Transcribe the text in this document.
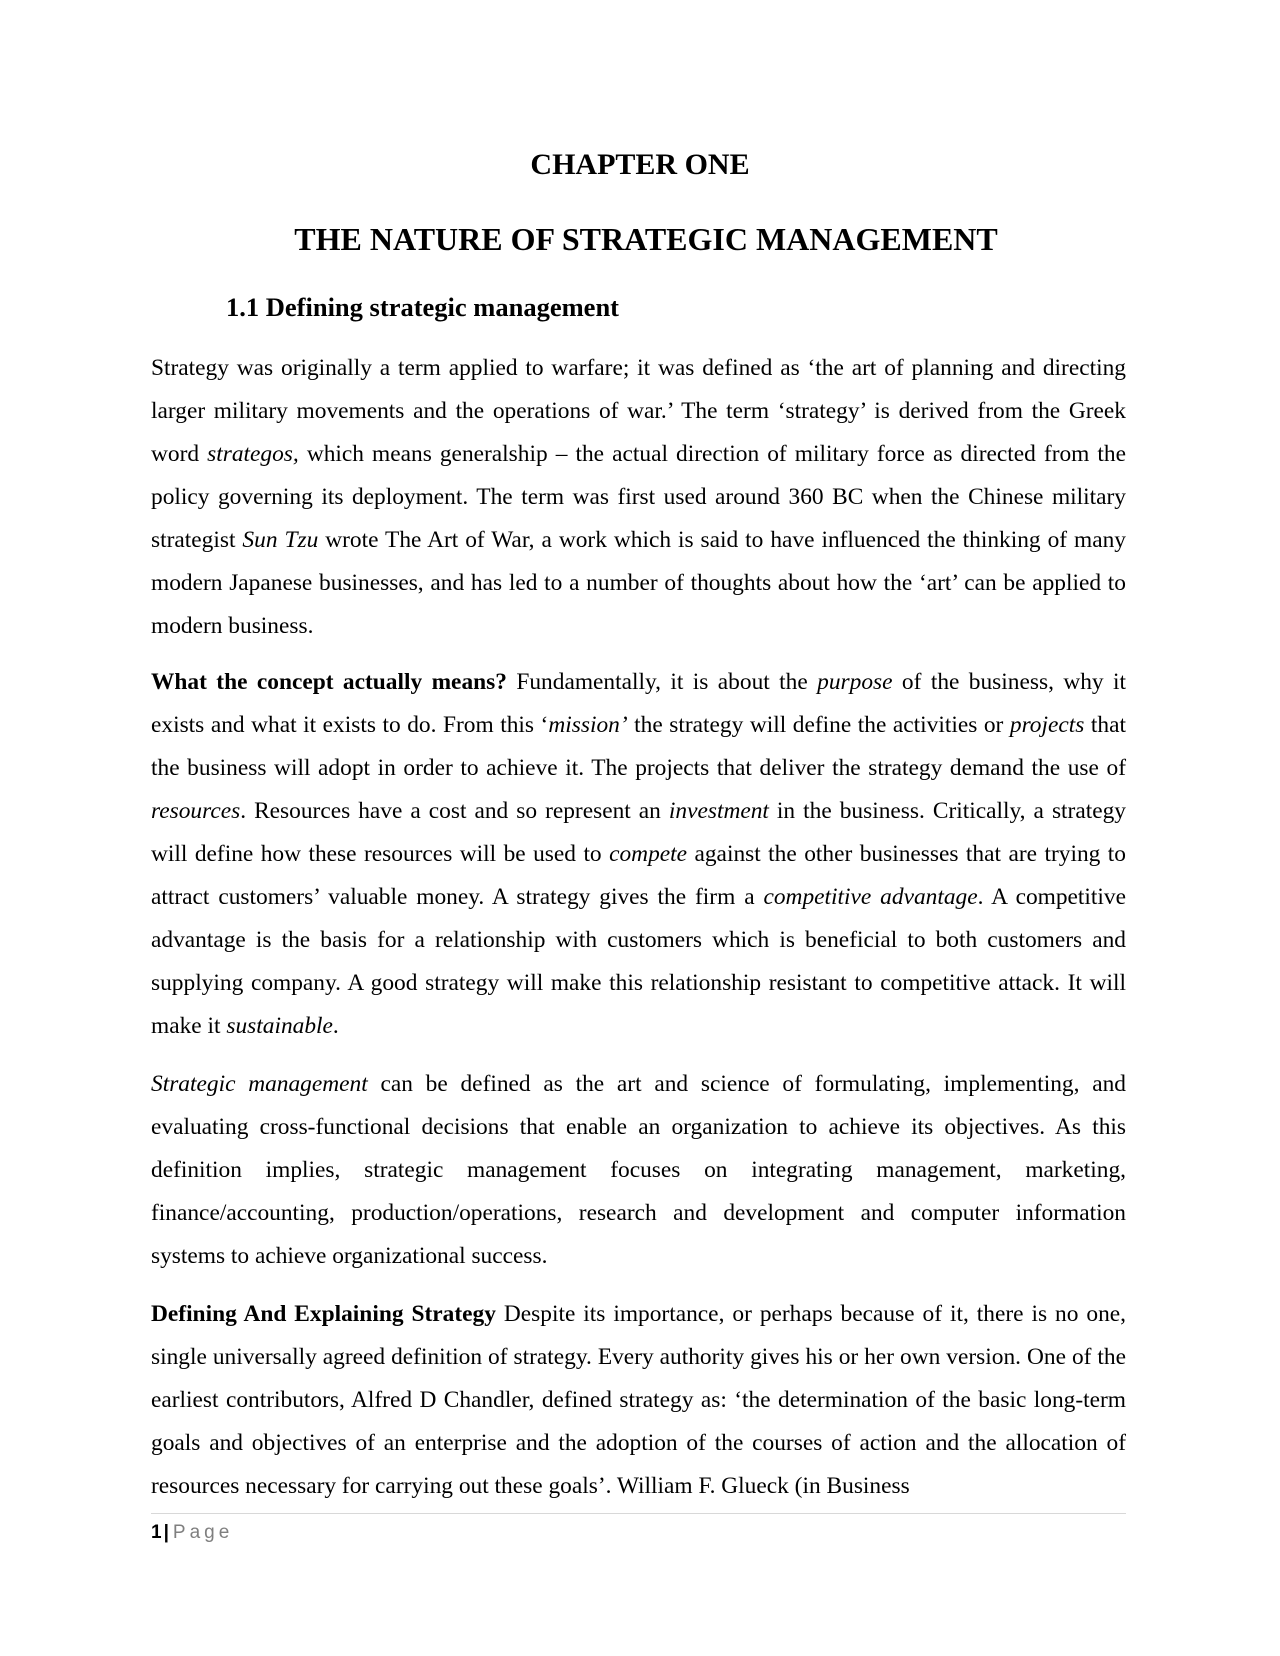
CHAPTER ONE
THE NATURE OF STRATEGIC MANAGEMENT
1.1 Defining strategic management

Strategy was originally a term applied to warfare; it was defined as ‘the art of planning and directing larger military movements and the operations of war.’ The term ‘strategy’ is derived from the Greek word strategos, which means generalship – the actual direction of military force as directed from the policy governing its deployment. The term was first used around 360 BC when the Chinese military strategist Sun Tzu wrote The Art of War, a work which is said to have influenced the thinking of many modern Japanese businesses, and has led to a number of thoughts about how the ‘art’ can be applied to modern business.

What the concept actually means? Fundamentally, it is about the purpose of the business, why it exists and what it exists to do. From this ‘mission’ the strategy will define the activities or projects that the business will adopt in order to achieve it. The projects that deliver the strategy demand the use of resources. Resources have a cost and so represent an investment in the business. Critically, a strategy will define how these resources will be used to compete against the other businesses that are trying to attract customers’ valuable money. A strategy gives the firm a competitive advantage. A competitive advantage is the basis for a relationship with customers which is beneficial to both customers and supplying company. A good strategy will make this relationship resistant to competitive attack. It will make it sustainable.

Strategic management can be defined as the art and science of formulating, implementing, and evaluating cross-functional decisions that enable an organization to achieve its objectives. As this definition implies, strategic management focuses on integrating management, marketing, finance/accounting, production/operations, research and development and computer information systems to achieve organizational success.

Defining And Explaining Strategy Despite its importance, or perhaps because of it, there is no one, single universally agreed definition of strategy. Every authority gives his or her own version. One of the earliest contributors, Alfred D Chandler, defined strategy as: ‘the determination of the basic long-term goals and objectives of an enterprise and the adoption of the courses of action and the allocation of resources necessary for carrying out these goals’. William F. Glueck (in Business

1 | Page
